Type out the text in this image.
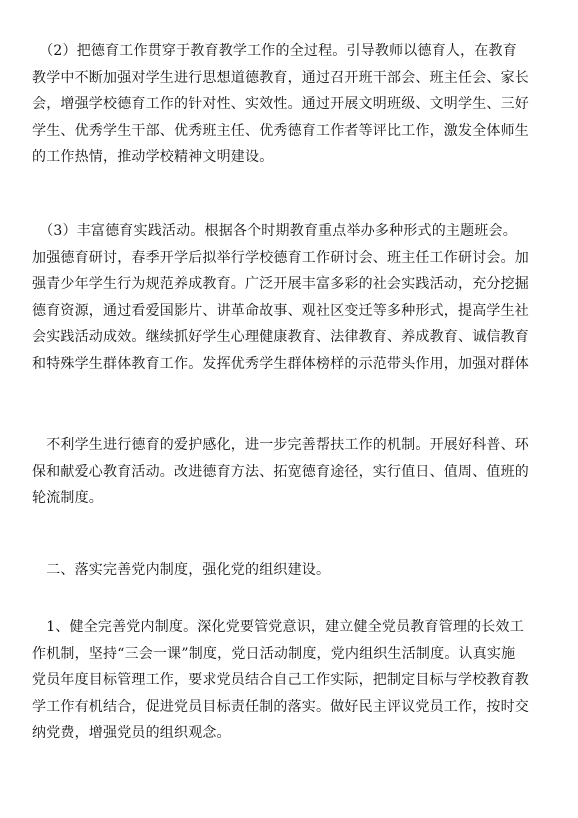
　（2）把德育工作贯穿于教育教学工作的全过程。引导教师以德育人，在教育
教学中不断加强对学生进行思想道德教育，通过召开班干部会、班主任会、家长
会，增强学校德育工作的针对性、实效性。通过开展文明班级、文明学生、三好
学生、优秀学生干部、优秀班主任、优秀德育工作者等评比工作，激发全体师生
的工作热情，推动学校精神文明建设。
　（3）丰富德育实践活动。根据各个时期教育重点举办多种形式的主题班会。
加强德育研讨，春季开学后拟举行学校德育工作研讨会、班主任工作研讨会。加
强青少年学生行为规范养成教育。广泛开展丰富多彩的社会实践活动，充分挖掘
德育资源，通过看爱国影片、讲革命故事、观社区变迁等多种形式，提高学生社
会实践活动成效。继续抓好学生心理健康教育、法律教育、养成教育、诚信教育
和特殊学生群体教育工作。发挥优秀学生群体榜样的示范带头作用，加强对群体
　不利学生进行德育的爱护感化，进一步完善帮扶工作的机制。开展好科普、环
保和献爱心教育活动。改进德育方法、拓宽德育途径，实行值日、值周、值班的
轮流制度。
　二、落实完善党内制度，强化党的组织建设。
　1、健全完善党内制度。深化党要管党意识，建立健全党员教育管理的长效工
作机制，坚持“三会一课”制度，党日活动制度，党内组织生活制度。认真实施
党员年度目标管理工作，要求党员结合自己工作实际，把制定目标与学校教育教
学工作有机结合，促进党员目标责任制的落实。做好民主评议党员工作，按时交
纳党费，增强党员的组织观念。
